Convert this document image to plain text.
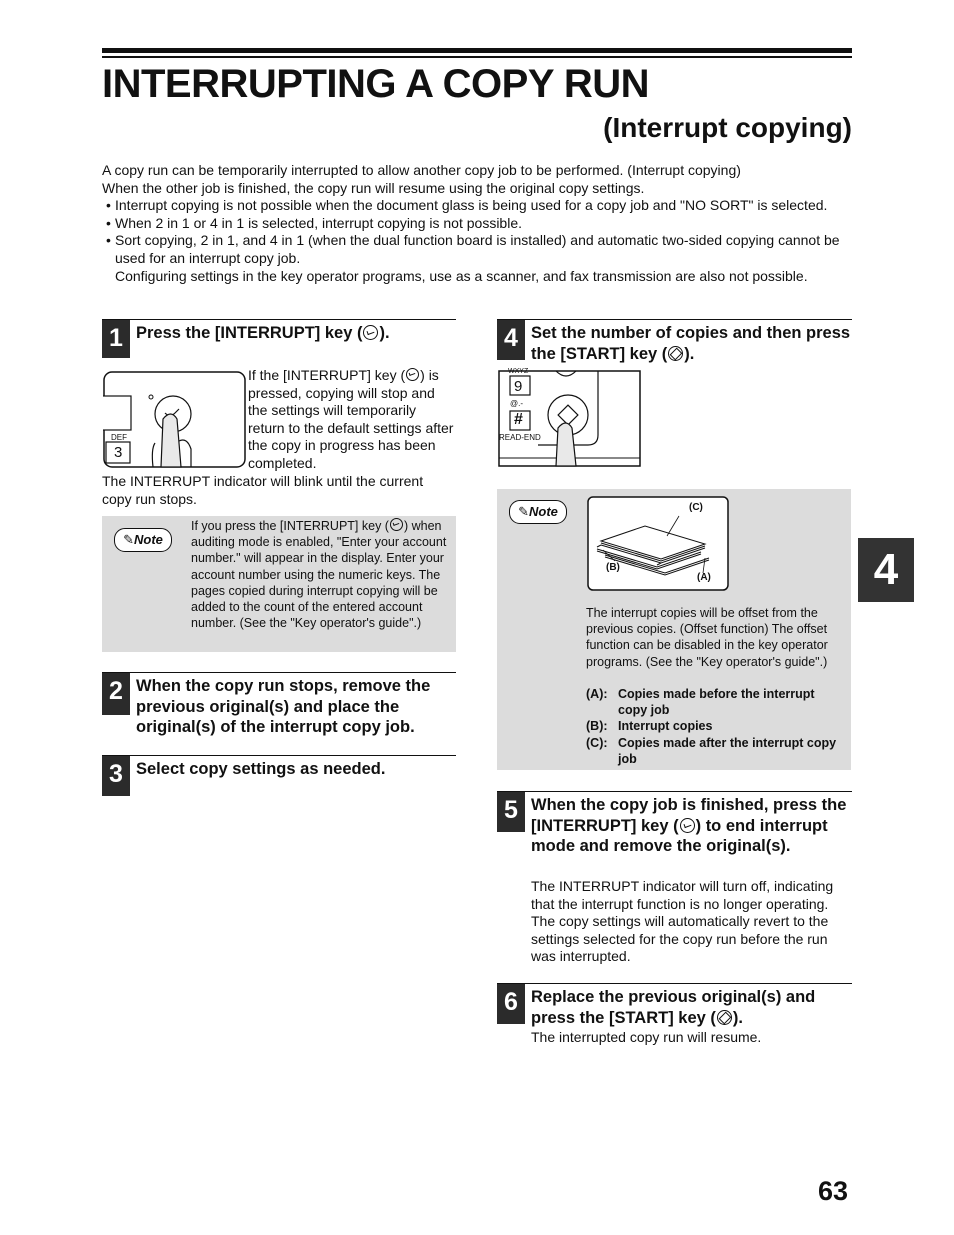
INTERRUPTING A COPY RUN
(Interrupt copying)

A copy run can be temporarily interrupted to allow another copy job to be performed. (Interrupt copying)

When the other job is finished, the copy run will resume using the original copy settings.

• Interrupt copying is not possible when the document glass is being used for a copy job and "NO SORT" is selected.
• When 2 in 1 or 4 in 1 is selected, interrupt copying is not possible.
• Sort copying, 2 in 1, and 4 in 1 (when the dual function board is installed) and automatic two-sided copying cannot be used for an interrupt copy job.
Configuring settings in the key operator programs, use as a scanner, and fax transmission are also not possible.
1 Press the [INTERRUPT] key ( ).
DEF
3
If the [INTERRUPT] key ( ) is pressed, copying will stop and the settings will temporarily return to the default settings after the copy in progress has been completed.
The INTERRUPT indicator will blink until the current copy run stops.
✎Note
If you press the [INTERRUPT] key ( ) when auditing mode is enabled, "Enter your account number." will appear in the display. Enter your account number using the numeric keys. The pages copied during interrupt copying will be added to the count of the entered account number. (See the "Key operator's guide".)
2 When the copy run stops, remove the previous original(s) and place the original(s) of the interrupt copy job.
3 Select copy settings as needed.
4 Set the number of copies and then press the [START] key ( ).
WXYZ
9
@.-
#
READ-END
✎Note	(C)
(B)
(A)
The interrupt copies will be offset from the previous copies. (Offset function) The offset function can be disabled in the key operator programs. (See the "Key operator's guide".)
(A): Copies made before the interrupt copy job
(B): Interrupt copies
(C): Copies made after the interrupt copy job
5 When the copy job is finished, press the [INTERRUPT] key ( ) to end interrupt mode and remove the original(s).
The INTERRUPT indicator will turn off, indicating that the interrupt function is no longer operating. The copy settings will automatically revert to the settings selected for the copy run before the run was interrupted.
6 Replace the previous original(s) and press the [START] key ( ).
The interrupted copy run will resume.
4
63
